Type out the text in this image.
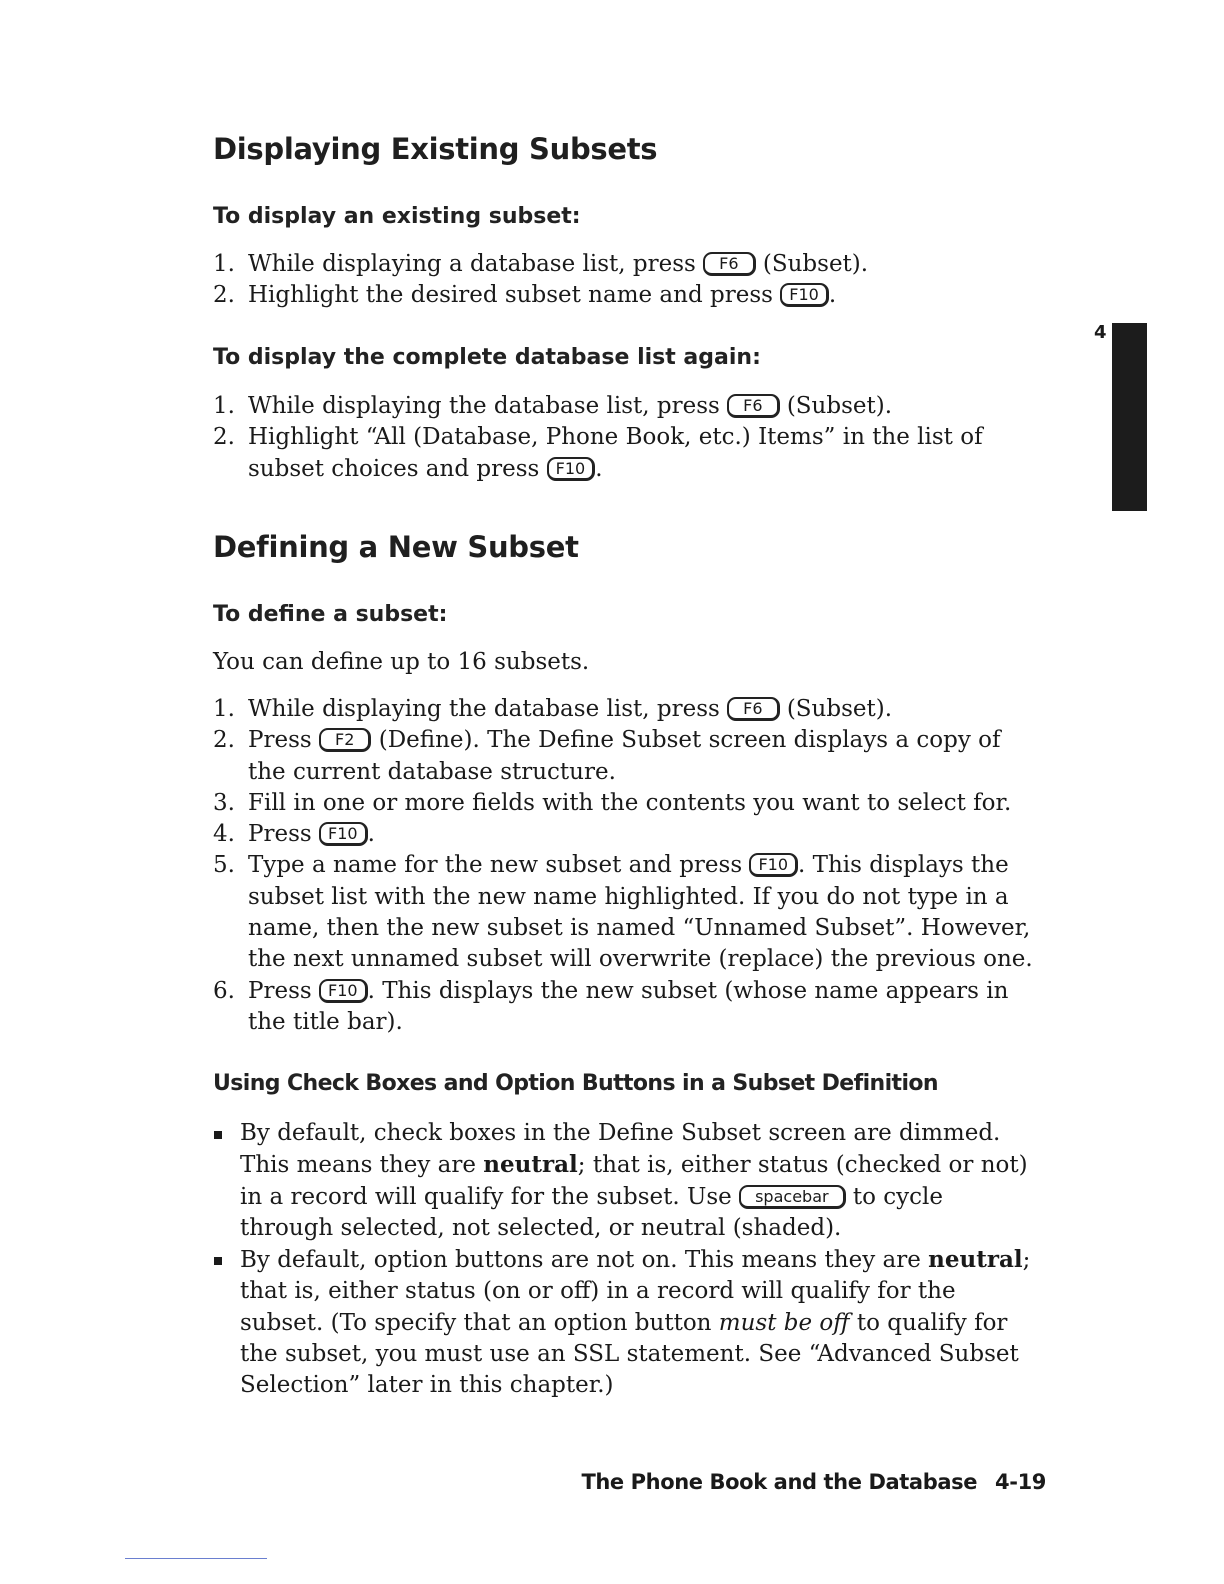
4
Displaying Existing Subsets
To display an existing subset:
1. While displaying a database list, press F6 (Subset).
2. Highlight the desired subset name and press F10 .
To display the complete database list again:
1. While displaying the database list, press F6 (Subset).
2. Highlight “All (Database, Phone Book, etc.) Items” in the list of subset choices and press F10 .
Defining a New Subset
To define a subset:

You can define up to 16 subsets.

1. While displaying the database list, press F6 (Subset).
2. Press F2 (Define). The Define Subset screen displays a copy of the current database structure.
3. Fill in one or more fields with the contents you want to select for.
4. Press F10 .
5. Type a name for the new subset and press F10 . This displays the subset list with the new name highlighted. If you do not type in a name, then the new subset is named “Unnamed Subset”. However, the next unnamed subset will overwrite (replace) the previous one.
6. Press F10 . This displays the new subset (whose name appears in the title bar).
Using Check Boxes and Option Buttons in a Subset Definition
By default, check boxes in the Define Subset screen are dimmed. This means they are neutral; that is, either status (checked or not) in a record will qualify for the subset. Use spacebar to cycle through selected, not selected, or neutral (shaded).
By default, option buttons are not on. This means they are neutral; that is, either status (on or off) in a record will qualify for the subset. (To specify that an option button must be off to qualify for the subset, you must use an SSL statement. See “Advanced Subset Selection” later in this chapter.)
The Phone Book and the Database 4-19
